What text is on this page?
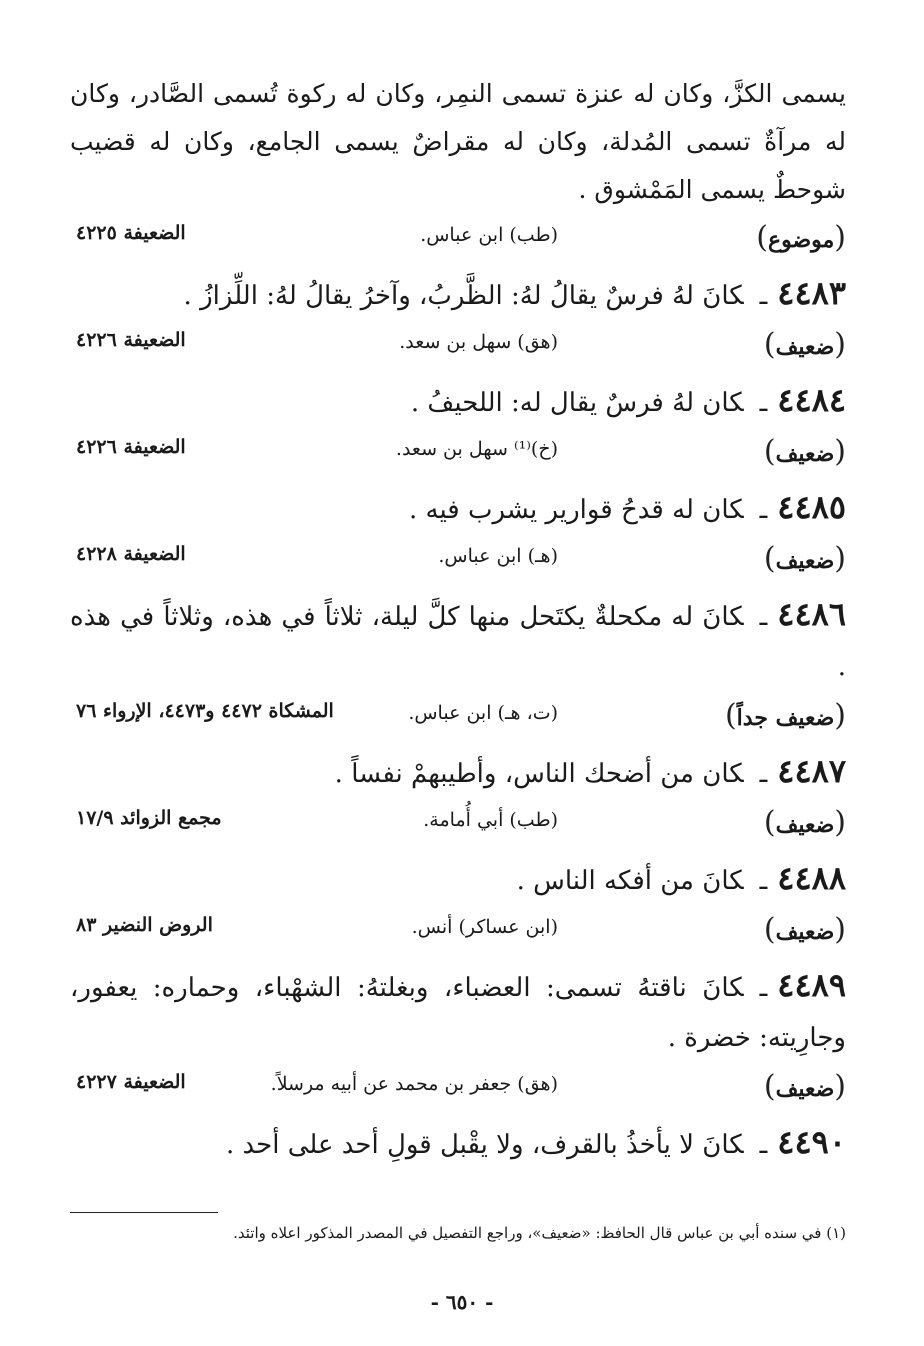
يسمى الكزَّ، وكان له عنزة تسمى النمِر، وكان له ركوة تُسمى الصَّادر، وكان له مرآةٌ تسمى المُدلة، وكان له مقراضٌ يسمى الجامع، وكان له قضيب شوحطٌ يسمى المَمْشوق .

(موضوع)
(طب) ابن عباس.
الضعيفة ٤٢٢٥

٤٤٨٣ـكانَ لهُ فرسٌ يقالُ لهُ: الظَّربُ، وآخرُ يقالُ لهُ: اللِّزازُ .

(ضعيف)
(هق) سهل بن سعد.
الضعيفة ٤٢٢٦

٤٤٨٤ـكان لهُ فرسٌ يقال له: اللحيفُ .

(ضعيف)
(خ)⁽¹⁾ سهل بن سعد.
الضعيفة ٤٢٢٦

٤٤٨٥ـكان له قدحُ قوارير يشرب فيه .

(ضعيف)
(هـ) ابن عباس.
الضعيفة ٤٢٢٨

٤٤٨٦ـكانَ له مكحلةٌ يكتَحل منها كلَّ ليلة، ثلاثاً في هذه، وثلاثاً في هذه .

(ضعيف جداً)
(ت، هـ) ابن عباس.
المشكاة ٤٤٧٢ و٤٤٧٣، الإرواء ٧٦

٤٤٨٧ـكان من أضحك الناس، وأطيبهمْ نفساً .

(ضعيف)
(طب) أبي أُمامة.
مجمع الزوائد ١٧/٩

٤٤٨٨ـكانَ من أفكه الناس .

(ضعيف)
(ابن عساكر) أنس.
الروض النضير ٨٣

٤٤٨٩ـكانَ ناقتهُ تسمى: العضباء، وبغلتهُ: الشهْباء، وحماره: يعفور، وجارِيته: خضرة .

(ضعيف)
(هق) جعفر بن محمد عن أبيه مرسلاً.
الضعيفة ٤٢٢٧

٤٤٩٠ـكانَ لا يأخذُ بالقرف، ولا يقْبل قولِ أحد على أحد .

(١) في سنده أبي بن عباس قال الحافظ: «ضعيف»، وراجع التفصيل في المصدر المذكور اعلاه واتئد.
- ٦٥٠ -
